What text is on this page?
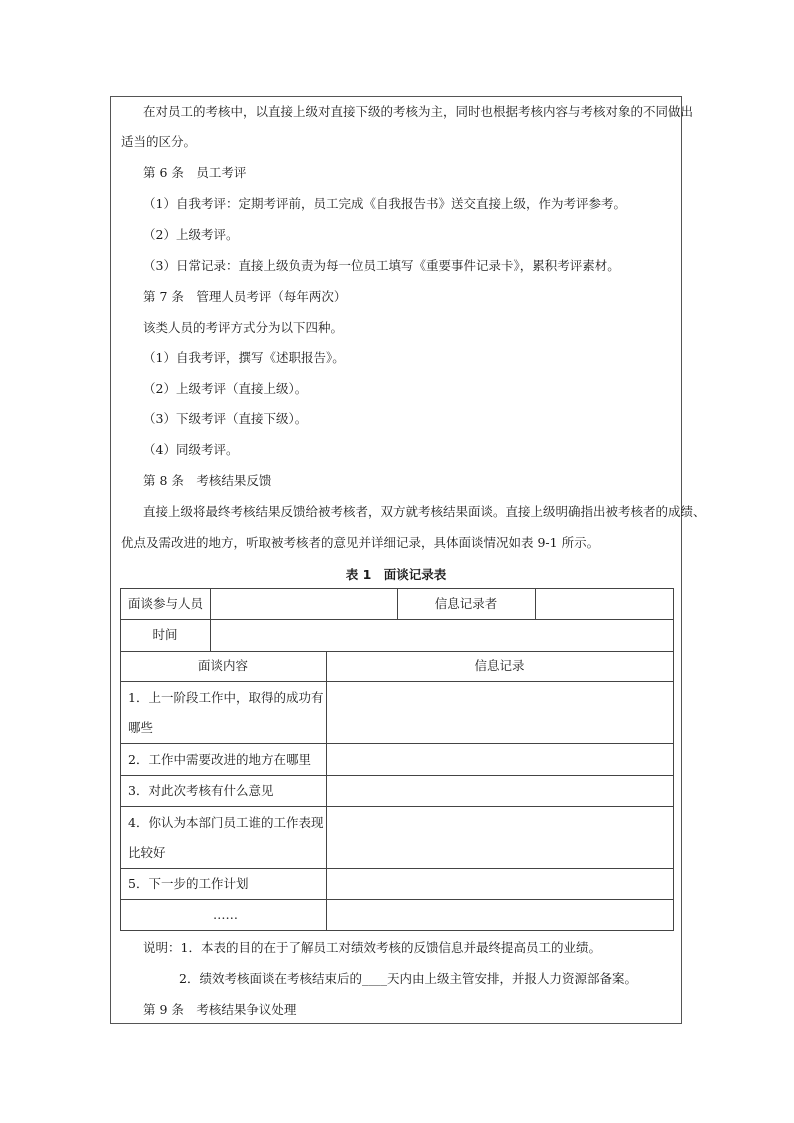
在对员工的考核中，以直接上级对直接下级的考核为主，同时也根据考核内容与考核对象的不同做出
适当的区分。
第 6 条　员工考评
（1）自我考评：定期考评前，员工完成《自我报告书》送交直接上级，作为考评参考。
（2）上级考评。
（3）日常记录：直接上级负责为每一位员工填写《重要事件记录卡》，累积考评素材。
第 7 条　管理人员考评（每年两次）
该类人员的考评方式分为以下四种。
（1）自我考评，撰写《述职报告》。
（2）上级考评（直接上级）。
（3）下级考评（直接下级）。
（4）同级考评。
第 8 条　考核结果反馈
直接上级将最终考核结果反馈给被考核者，双方就考核结果面谈。直接上级明确指出被考核者的成绩、
优点及需改进的地方，听取被考核者的意见并详细记录，具体面谈情况如表 9-1 所示。
表 1　面谈记录表
面谈参与人员	信息记录者
时间
面谈内容	信息记录
1．上一阶段工作中，取得的成功有
哪些
2．工作中需要改进的地方在哪里
3．对此次考核有什么意见
4．你认为本部门员工谁的工作表现
比较好
5．下一步的工作计划
……
说明：1．本表的目的在于了解员工对绩效考核的反馈信息并最终提高员工的业绩。
2．绩效考核面谈在考核结束后的____天内由上级主管安排，并报人力资源部备案。
第 9 条　考核结果争议处理
